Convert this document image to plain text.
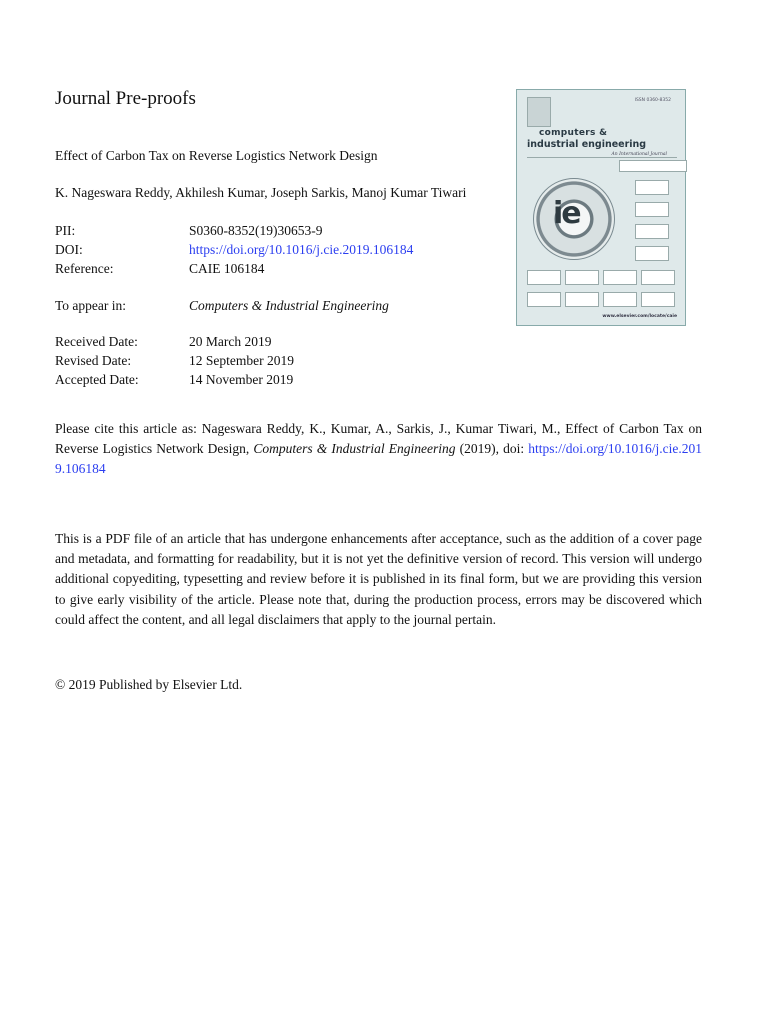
Journal Pre-proofs
Effect of Carbon Tax on Reverse Logistics Network Design
K. Nageswara Reddy, Akhilesh Kumar, Joseph Sarkis, Manoj Kumar Tiwari
PII:	S0360-8352(19)30653-9
DOI:	https://doi.org/10.1016/j.cie.2019.106184
Reference:	CAIE 106184
To appear in:	Computers & Industrial Engineering
Received Date:	20 March 2019
Revised Date:	12 September 2019
Accepted Date:	14 November 2019
Please cite this article as: Nageswara Reddy, K., Kumar, A., Sarkis, J., Kumar Tiwari, M., Effect of Carbon Tax on Reverse Logistics Network Design, Computers & Industrial Engineering (2019), doi: https://doi.org/10.1016/j.cie.2019.106184
This is a PDF file of an article that has undergone enhancements after acceptance, such as the addition of a cover page and metadata, and formatting for readability, but it is not yet the definitive version of record. This version will undergo additional copyediting, typesetting and review before it is published in its final form, but we are providing this version to give early visibility of the article. Please note that, during the production process, errors may be discovered which could affect the content, and all legal disclaimers that apply to the journal pertain.
© 2019 Published by Elsevier Ltd.
ISSN 0360-8352
computers &
industrial engineering
An International Journal
ie
www.elsevier.com/locate/caie
